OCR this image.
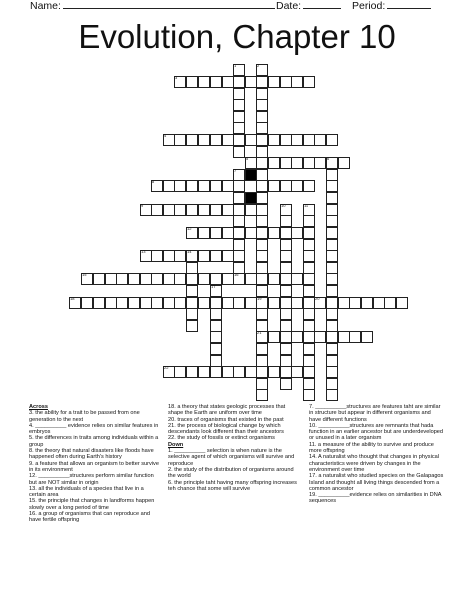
Name:	Date:	Period:
Evolution, Chapter 10
1	2
3
4
5	6
7
8
9	10	11
12
13	14
15	16
17
18	19	20
21
22

Across

3. the ability for a trait to be passed from one generation to the next

4. __________ evidence relies on similar features in embryos

5. the differences in traits among individuals within a group

8. the theory that natural disasters like floods have happened often during Earth's history

9. a feature that allows an organism to better survive in its environment

12. __________structures perform similar function but are NOT similar in origin

13. all the individuals of a species that live in a certain area

15. the principle that changes in landforms happen slowly over a long period of time

16. a group of organisms that can reproduce and have fertile offspring

18. a theory that states geologic processes that shape the Earth are uniform over time

20. traces of organisms that existed in the past

21. the process of biological change by which descendants look different than their ancestors

22. the study of fossils or extinct organisms

Down

1. __________ selection is when nature is the selective agent of which organisms will survive and reproduce

2. the study of the distribution of organisms around the world

6. the principle taht having many offspring increases teh chance that some will survive

7. __________structures are features taht are similar in structure but appear in different organisms and have different functions

10. __________structures are remnants that hada function in an earlier ancestor but are underdeveloped or unused in a later organism

11. a measure of the ability to survive and produce more offspring

14. A naturalist who thought that changes in physical characteristics were driven by changes in the environment over time

17. a naturalist who studied species on the Galapagos Island and thought all living things descended from a common ancestor

19. __________evidence relies on similarities in DNA sequences
